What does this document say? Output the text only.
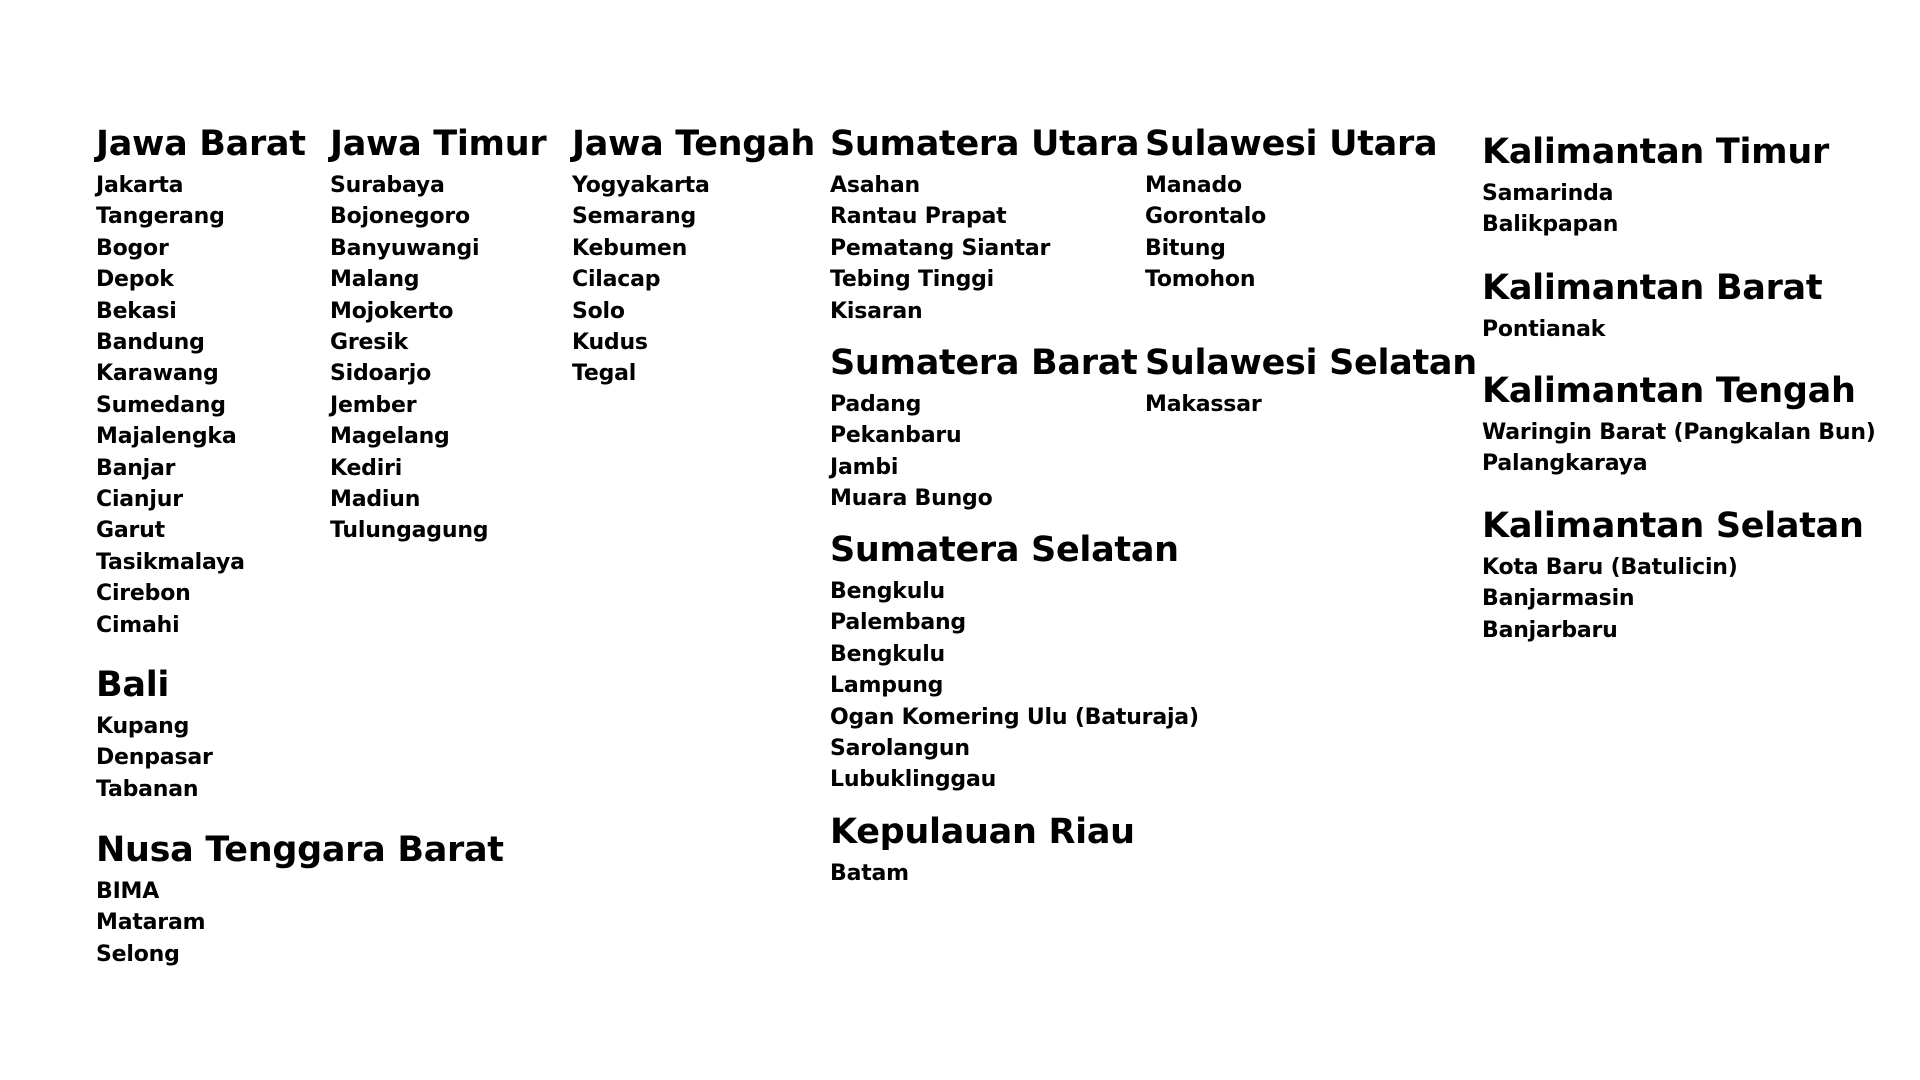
Jawa Barat
Jakarta
Tangerang
Bogor
Depok
Bekasi
Bandung
Karawang
Sumedang
Majalengka
Banjar
Cianjur
Garut
Tasikmalaya
Cirebon
Cimahi
Bali
Kupang
Denpasar
Tabanan
Nusa Tenggara Barat
BIMA
Mataram
Selong
Jawa Timur
Surabaya
Bojonegoro
Banyuwangi
Malang
Mojokerto
Gresik
Sidoarjo
Jember
Magelang
Kediri
Madiun
Tulungagung
Jawa Tengah
Yogyakarta
Semarang
Kebumen
Cilacap
Solo
Kudus
Tegal
Sumatera Utara
Asahan
Rantau Prapat
Pematang Siantar
Tebing Tinggi
Kisaran
Sumatera Barat
Padang
Pekanbaru
Jambi
Muara Bungo
Sumatera Selatan
Bengkulu
Palembang
Bengkulu
Lampung
Ogan Komering Ulu (Baturaja)
Sarolangun
Lubuklinggau
Kepulauan Riau
Batam
Sulawesi Utara
Manado
Gorontalo
Bitung
Tomohon
Sulawesi Selatan
Makassar
Kalimantan Timur
Samarinda
Balikpapan
Kalimantan Barat
Pontianak
Kalimantan Tengah
Waringin Barat (Pangkalan Bun)
Palangkaraya
Kalimantan Selatan
Kota Baru (Batulicin)
Banjarmasin
Banjarbaru
